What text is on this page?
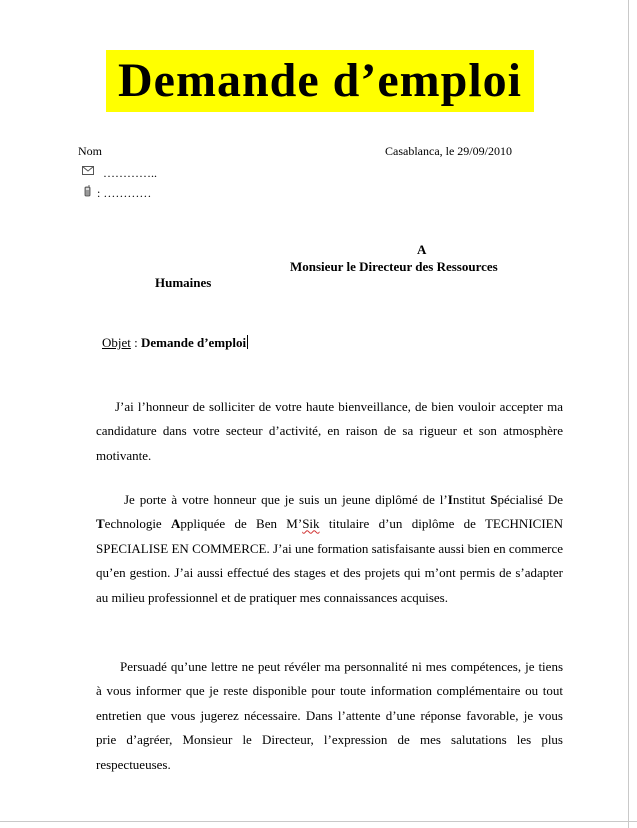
Demande d’emploi
Nom	Casablanca, le 29/09/2010
…………..
: …………
A
Monsieur le Directeur des Ressources
Humaines
Objet : Demande d’emploi
J’ai l’honneur de solliciter de votre haute bienveillance, de bien vouloir accepter ma candidature dans votre secteur d’activité, en raison de sa rigueur et son atmosphère motivante.
Je porte à votre honneur que je suis un jeune diplômé de l’Institut Spécialisé De Technologie Appliquée de Ben M’Sik titulaire d’un diplôme de TECHNICIEN SPECIALISE EN COMMERCE. J’ai une formation satisfaisante aussi bien en commerce qu’en gestion. J’ai aussi effectué des stages et des projets qui m’ont permis de s’adapter au milieu professionnel et de pratiquer mes connaissances acquises.
Persuadé qu’une lettre ne peut révéler ma personnalité ni mes compétences, je tiens à vous informer que je reste disponible pour toute information complémentaire ou tout entretien que vous jugerez nécessaire. Dans l’attente d’une réponse favorable, je vous prie d’agréer, Monsieur le Directeur, l’expression de mes salutations les plus respectueuses.
